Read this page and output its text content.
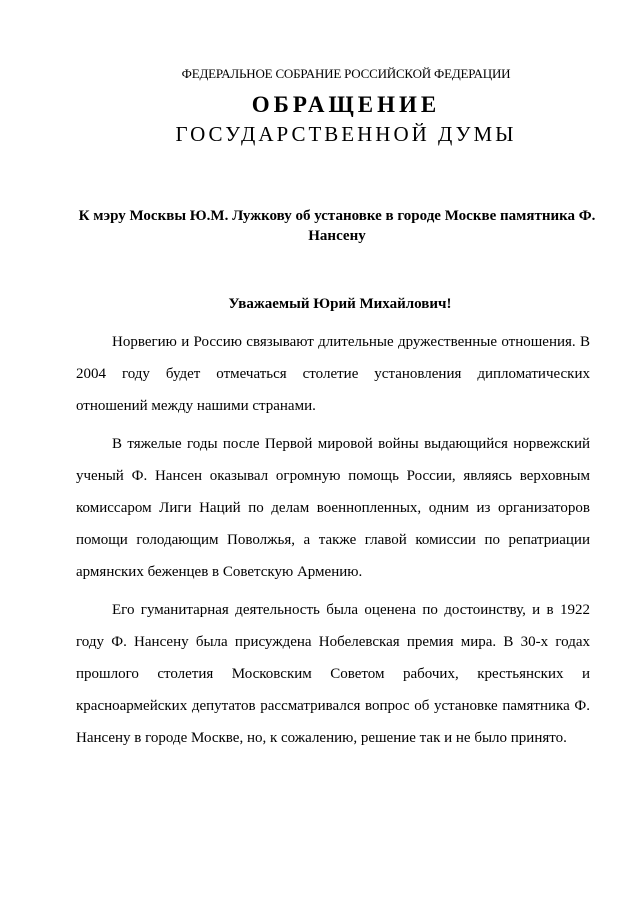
ФЕДЕРАЛЬНОЕ СОБРАНИЕ РОССИЙСКОЙ ФЕДЕРАЦИИ
ОБРАЩЕНИЕ
ГОСУДАРСТВЕННОЙ ДУМЫ
К мэру Москвы Ю.М. Лужкову об установке в городе Москве памятника Ф. Нансену
Уважаемый Юрий Михайлович!

Норвегию и Россию связывают длительные дружественные отношения. В 2004 году будет отмечаться столетие установления дипломатических отношений между нашими странами.

В тяжелые годы после Первой мировой войны выдающийся норвежский ученый Ф. Нансен оказывал огромную помощь России, являясь верховным комиссаром Лиги Наций по делам военнопленных, одним из организаторов помощи голодающим Поволжья, а также главой комиссии по репатриации армянских беженцев в Советскую Армению.

Его гуманитарная деятельность была оценена по достоинству, и в 1922 году Ф. Нансену была присуждена Нобелевская премия мира. В 30-х годах прошлого столетия Московским Советом рабочих, крестьянских и красноармейских депутатов рассматривался вопрос об установке памятника Ф. Нансену в городе Москве, но, к сожалению, решение так и не было принято.
